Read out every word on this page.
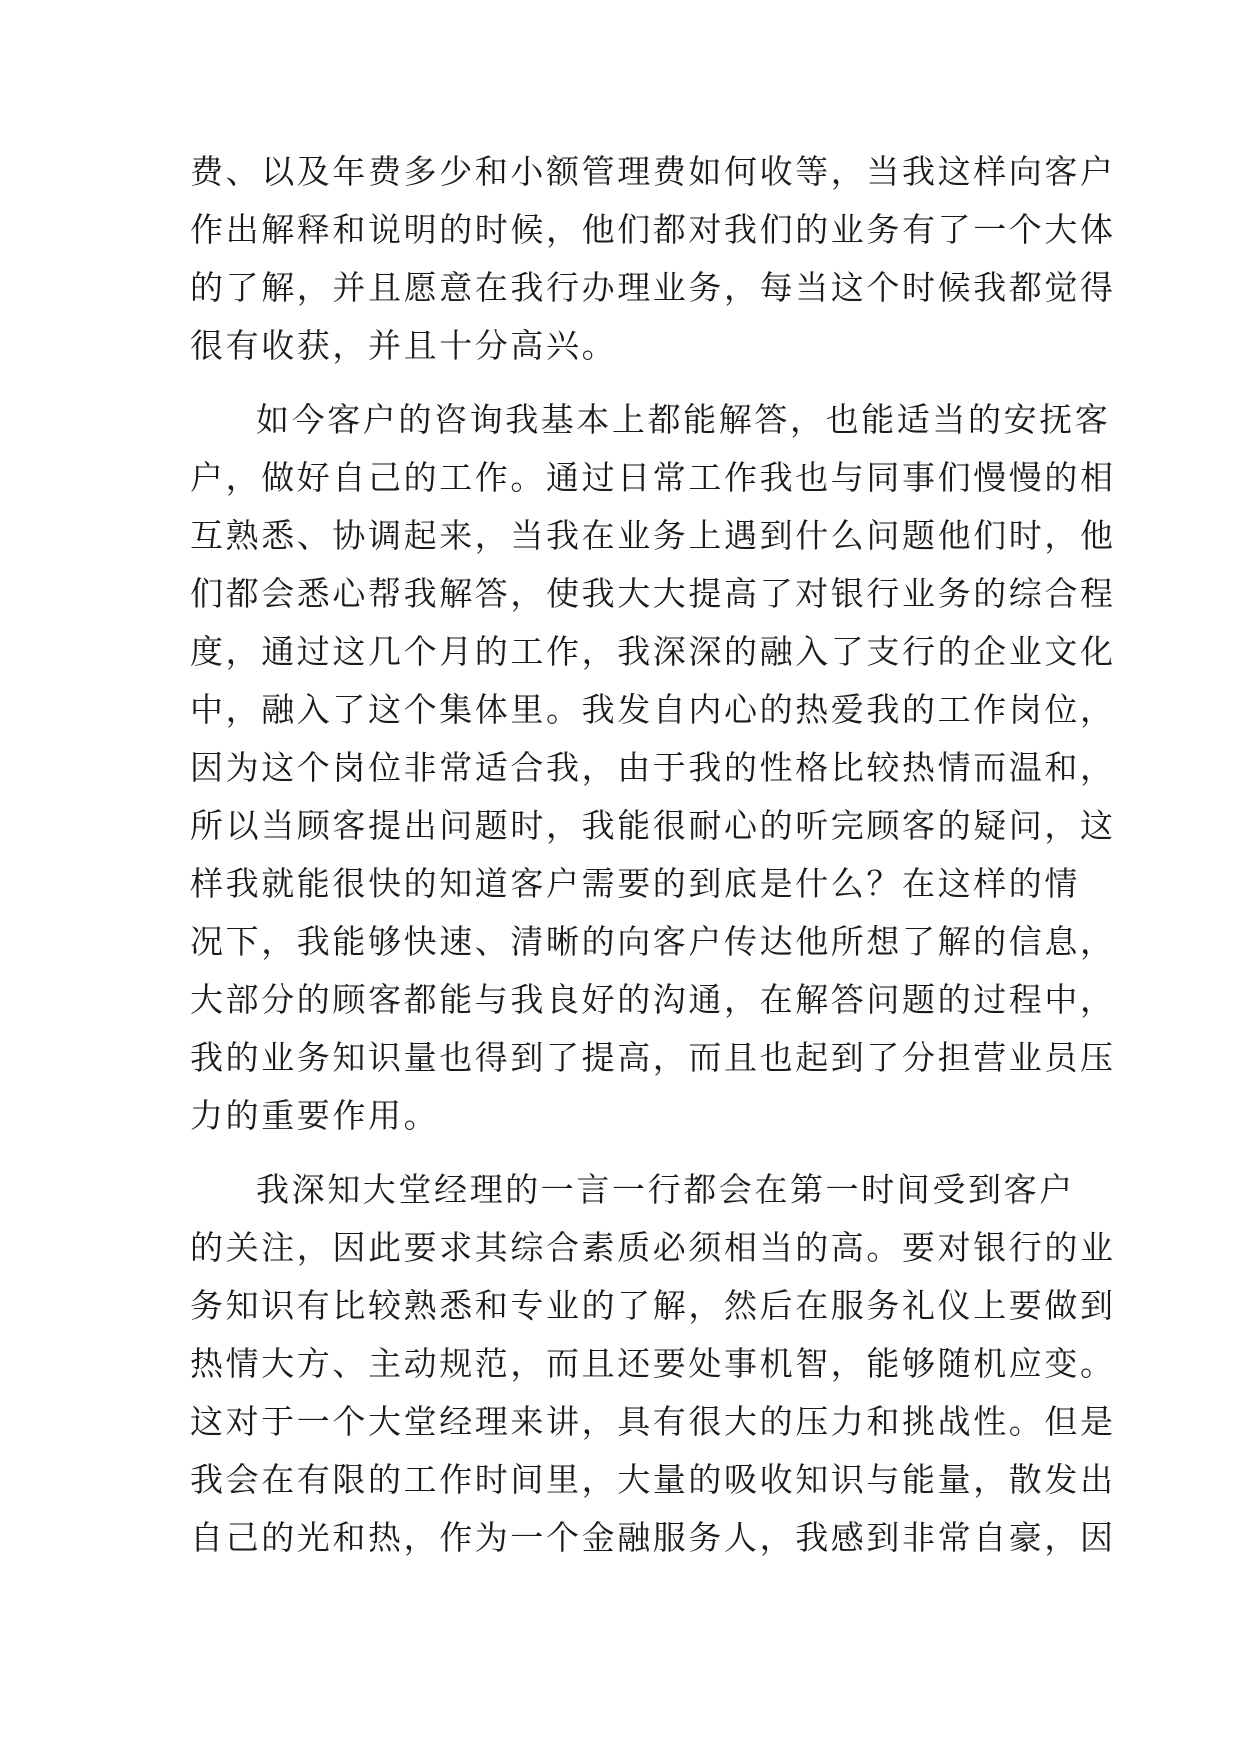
费、以及年费多少和小额管理费如何收等，当我这样向客户
作出解释和说明的时候，他们都对我们的业务有了一个大体
的了解，并且愿意在我行办理业务，每当这个时候我都觉得
很有收获，并且十分高兴。
如今客户的咨询我基本上都能解答，也能适当的安抚客
户，做好自己的工作。通过日常工作我也与同事们慢慢的相
互熟悉、协调起来，当我在业务上遇到什么问题他们时，他
们都会悉心帮我解答，使我大大提高了对银行业务的综合程
度，通过这几个月的工作，我深深的融入了支行的企业文化
中，融入了这个集体里。我发自内心的热爱我的工作岗位，
因为这个岗位非常适合我，由于我的性格比较热情而温和，
所以当顾客提出问题时，我能很耐心的听完顾客的疑问，这
样我就能很快的知道客户需要的到底是什么？在这样的情
况下，我能够快速、清晰的向客户传达他所想了解的信息，
大部分的顾客都能与我良好的沟通，在解答问题的过程中，
我的业务知识量也得到了提高，而且也起到了分担营业员压
力的重要作用。
我深知大堂经理的一言一行都会在第一时间受到客户
的关注，因此要求其综合素质必须相当的高。要对银行的业
务知识有比较熟悉和专业的了解，然后在服务礼仪上要做到
热情大方、主动规范，而且还要处事机智，能够随机应变。
这对于一个大堂经理来讲，具有很大的压力和挑战性。但是
我会在有限的工作时间里，大量的吸收知识与能量，散发出
自己的光和热，作为一个金融服务人，我感到非常自豪，因
